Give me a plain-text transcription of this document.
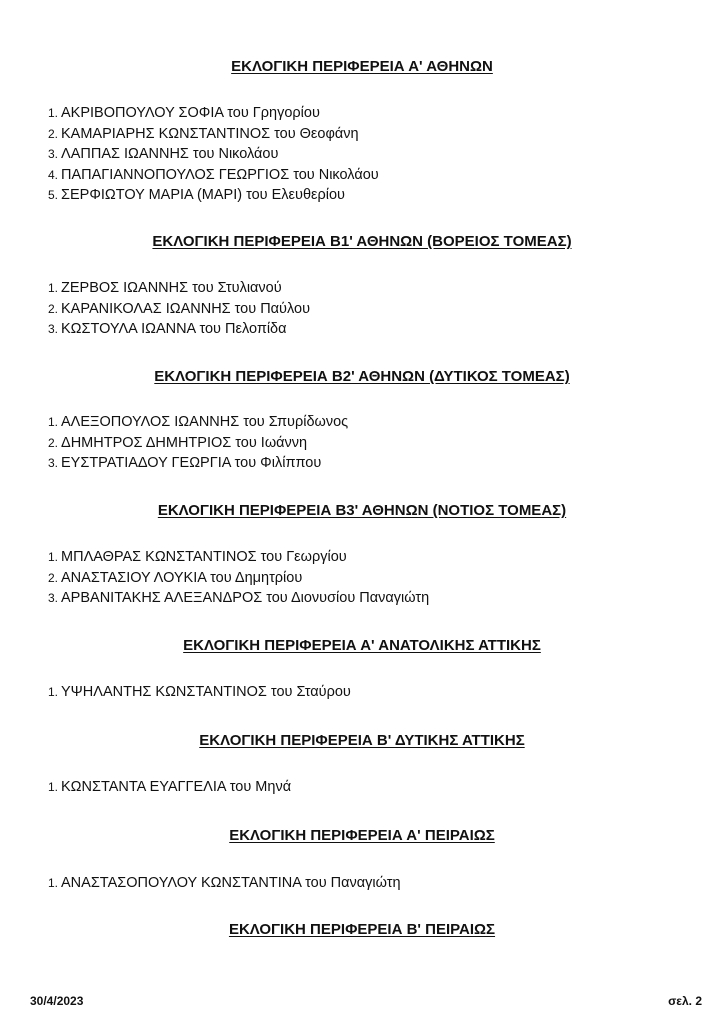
ΕΚΛΟΓΙΚΗ ΠΕΡΙΦΕΡΕΙΑ Α' ΑΘΗΝΩΝ
1. ΑΚΡΙΒΟΠΟΥΛΟΥ ΣΟΦΙΑ του Γρηγορίου
2. ΚΑΜΑΡΙΑΡΗΣ ΚΩΝΣΤΑΝΤΙΝΟΣ του Θεοφάνη
3. ΛΑΠΠΑΣ ΙΩΑΝΝΗΣ του Νικολάου
4. ΠΑΠΑΓΙΑΝΝΟΠΟΥΛΟΣ ΓΕΩΡΓΙΟΣ του Νικολάου
5. ΣΕΡΦΙΩΤΟΥ ΜΑΡΙΑ (ΜΑΡΙ) του Ελευθερίου
ΕΚΛΟΓΙΚΗ ΠΕΡΙΦΕΡΕΙΑ Β1' ΑΘΗΝΩΝ (ΒΟΡΕΙΟΣ ΤΟΜΕΑΣ)
1. ΖΕΡΒΟΣ ΙΩΑΝΝΗΣ του Στυλιανού
2. ΚΑΡΑΝΙΚΟΛΑΣ ΙΩΑΝΝΗΣ του Παύλου
3. ΚΩΣΤΟΥΛΑ ΙΩΑΝΝΑ του Πελοπίδα
ΕΚΛΟΓΙΚΗ ΠΕΡΙΦΕΡΕΙΑ Β2' ΑΘΗΝΩΝ (ΔΥΤΙΚΟΣ ΤΟΜΕΑΣ)
1. ΑΛΕΞΟΠΟΥΛΟΣ ΙΩΑΝΝΗΣ του Σπυρίδωνος
2. ΔΗΜΗΤΡΟΣ ΔΗΜΗΤΡΙΟΣ του Ιωάννη
3. ΕΥΣΤΡΑΤΙΑΔΟΥ ΓΕΩΡΓΙΑ του Φιλίππου
ΕΚΛΟΓΙΚΗ ΠΕΡΙΦΕΡΕΙΑ Β3' ΑΘΗΝΩΝ (ΝΟΤΙΟΣ ΤΟΜΕΑΣ)
1. ΜΠΛΑΘΡΑΣ ΚΩΝΣΤΑΝΤΙΝΟΣ του Γεωργίου
2. ΑΝΑΣΤΑΣΙΟΥ ΛΟΥΚΙΑ του Δημητρίου
3. ΑΡΒΑΝΙΤΑΚΗΣ ΑΛΕΞΑΝΔΡΟΣ του Διονυσίου Παναγιώτη
ΕΚΛΟΓΙΚΗ ΠΕΡΙΦΕΡΕΙΑ Α' ΑΝΑΤΟΛΙΚΗΣ ΑΤΤΙΚΗΣ
1. ΥΨΗΛΑΝΤΗΣ ΚΩΝΣΤΑΝΤΙΝΟΣ του Σταύρου
ΕΚΛΟΓΙΚΗ ΠΕΡΙΦΕΡΕΙΑ Β' ΔΥΤΙΚΗΣ ΑΤΤΙΚΗΣ
1. ΚΩΝΣΤΑΝΤΑ ΕΥΑΓΓΕΛΙΑ του Μηνά
ΕΚΛΟΓΙΚΗ ΠΕΡΙΦΕΡΕΙΑ Α' ΠΕΙΡΑΙΩΣ
1. ΑΝΑΣΤΑΣΟΠΟΥΛΟΥ ΚΩΝΣΤΑΝΤΙΝΑ του Παναγιώτη
ΕΚΛΟΓΙΚΗ ΠΕΡΙΦΕΡΕΙΑ Β' ΠΕΙΡΑΙΩΣ
30/4/2023	σελ. 2
